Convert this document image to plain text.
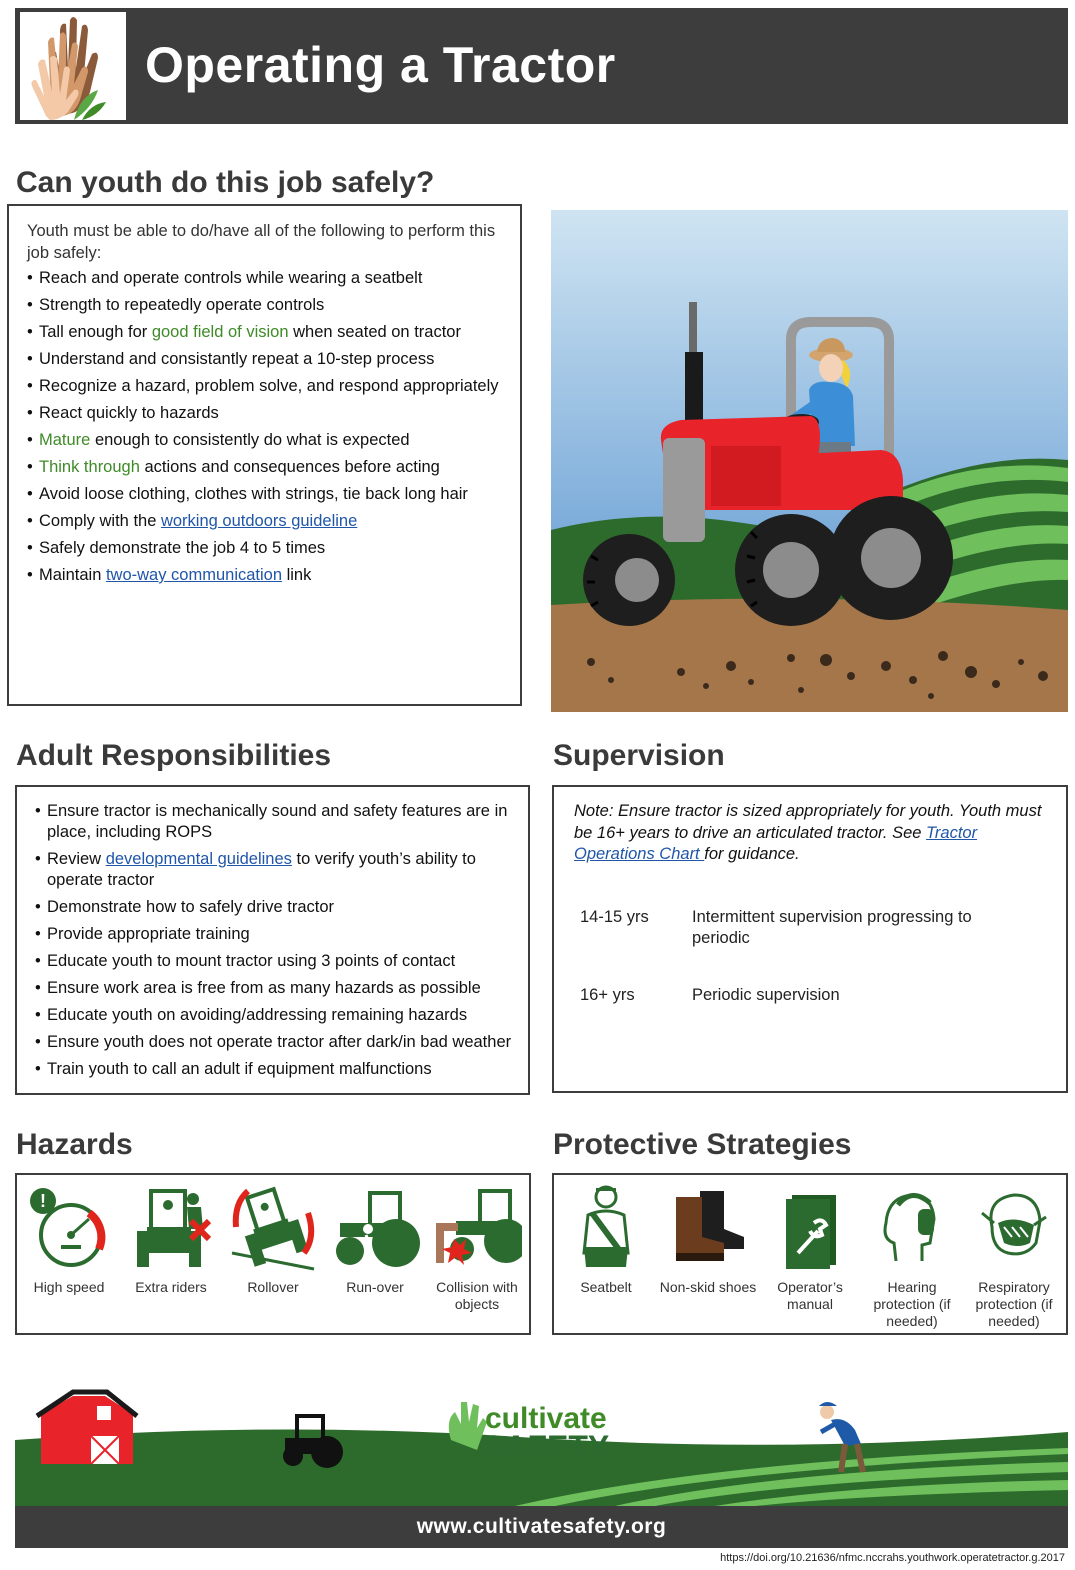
Operating a Tractor
Can youth do this job safely?
Youth must be able to do/have all of the following to perform this job safely:
• Reach and operate controls while wearing a seatbelt
• Strength to repeatedly operate controls
• Tall enough for good field of vision when seated on tractor
• Understand and consistantly repeat a 10-step process
• Recognize a hazard, problem solve, and respond appropriately
• React quickly to hazards
• Mature enough to consistently do what is expected
• Think through actions and consequences before acting
• Avoid loose clothing, clothes with strings, tie back long hair
• Comply with the working outdoors guideline
• Safely demonstrate the job 4 to 5 times
• Maintain two-way communication link
Adult Responsibilities
• Ensure tractor is mechanically sound and safety features are in place, including ROPS
• Review developmental guidelines to verify youth’s ability to operate tractor
• Demonstrate how to safely drive tractor
• Provide appropriate training
• Educate youth to mount tractor using 3 points of contact
• Ensure work area is free from as many hazards as possible
• Educate youth on avoiding/addressing remaining hazards
• Ensure youth does not operate tractor after dark/in bad weather
• Train youth to call an adult if equipment malfunctions
Supervision
Note: Ensure tractor is sized appropriately for youth. Youth must be 16+ years to drive an articulated tractor. See Tractor Operations Chart for guidance.
14-15 yrs	Intermittent supervision progressing to periodic
16+ yrs	Periodic supervision
Hazards
!
High speed	Extra riders	Rollover	Run-over	Collision with objects
Protective Strategies
Seatbelt	Non-skid shoes	Operator’s manual
Hearing protection (if needed)
Respiratory protection (if needed)
cultivate
SAFETY
www.cultivatesafety.org
https://doi.org/10.21636/nfmc.nccrahs.youthwork.operatetractor.g.2017
